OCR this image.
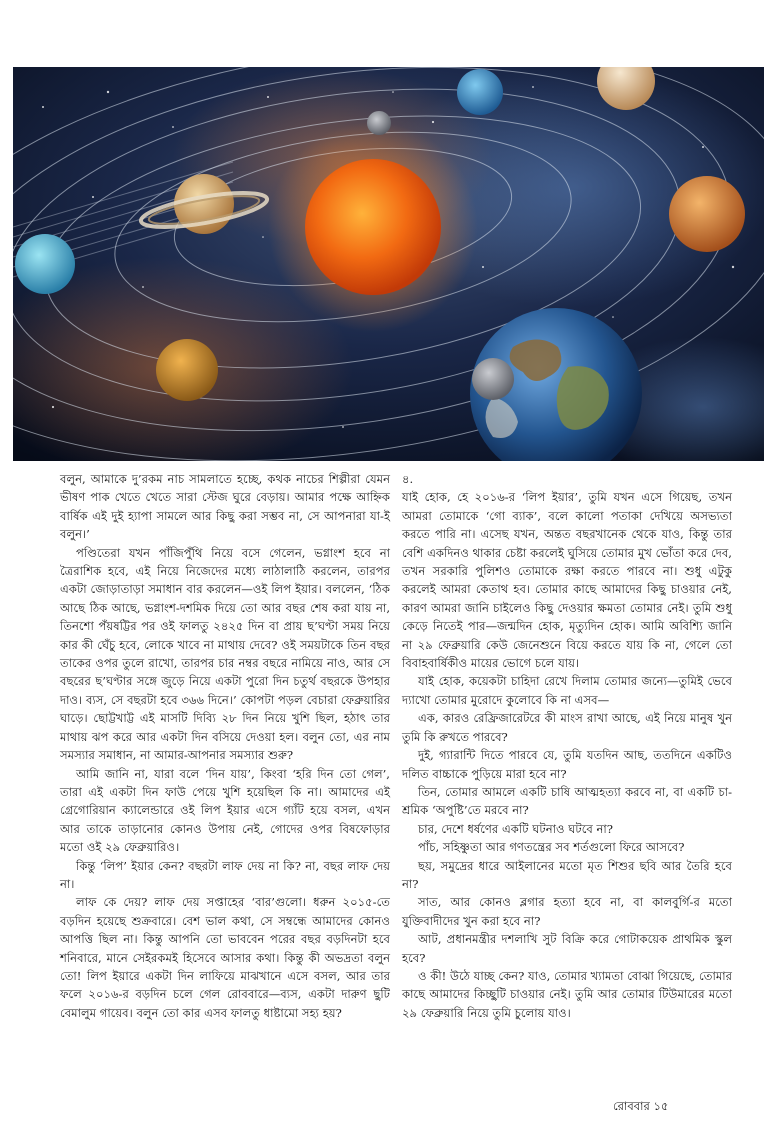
বলুন, আমাকে দু’রকম নাচ সামলাতে হচ্ছে, কথক নাচের শিল্পীরা যেমন ভীষণ পাক খেতে খেতে সারা স্টেজ ঘুরে বেড়ায়। আমার পক্ষে আহ্নিক বার্ষিক এই দুই হ্যাপা সামলে আর কিছু করা সম্ভব না, সে আপনারা যা-ই বলুন।’

পণ্ডিতেরা যখন পাঁজিপুঁথি নিয়ে বসে গেলেন, ভগ্নাংশ হবে না ত্রৈরাশিক হবে, এই নিয়ে নিজেদের মধ্যে লাঠালাঠি করলেন, তারপর একটা জোড়াতাড়া সমাধান বার করলেন—ওই লিপ ইয়ার। বললেন, ‘ঠিক আছে ঠিক আছে, ভগ্নাংশ-দশমিক দিয়ে তো আর বছর শেষ করা যায় না, তিনশো পঁয়ষট্টির পর ওই ফালতু ২৪২৫ দিন বা প্রায় ছ’ঘণ্টা সময় নিয়ে কার কী ঘেঁচু হবে, লোকে খাবে না মাথায় দেবে? ওই সময়টাকে তিন বছর তাকের ওপর তুলে রাখো, তারপর চার নম্বর বছরে নামিয়ে নাও, আর সে বছরের ছ’ঘণ্টার সঙ্গে জুড়ে নিয়ে একটা পুরো দিন চতুর্থ বছরকে উপহার দাও। ব্যস, সে বছরটা হবে ৩৬৬ দিনে।’ কোপটা পড়ল বেচারা ফেব্রুয়ারির ঘাড়ে। ছোট্টখাট্ট এই মাসটি দিব্যি ২৮ দিন নিয়ে খুশি ছিল, হঠাৎ তার মাথায় ঝপ করে আর একটা দিন বসিয়ে দেওয়া হল। বলুন তো, এর নাম সমস্যার সমাধান, না আমার-আপনার সমস্যার শুরু?

আমি জানি না, যারা বলে ‘দিন যায়’, কিংবা ‘হরি দিন তো গেল’, তারা এই একটা দিন ফাউ পেয়ে খুশি হয়েছিল কি না। আমাদের এই গ্রেগোরিয়ান ক্যালেন্ডারে ওই লিপ ইয়ার এসে গ্যাঁট হয়ে বসল, এখন আর তাকে তাড়ানোর কোনও উপায় নেই, গোদের ওপর বিষফোড়ার মতো ওই ২৯ ফেব্রুয়ারিও।

কিন্তু ‘লিপ’ ইয়ার কেন? বছরটা লাফ দেয় না কি? না, বছর লাফ দেয় না।

লাফ কে দেয়? লাফ দেয় সপ্তাহের ‘বার’গুলো। ধরুন ২০১৫-তে বড়দিন হয়েছে শুক্রবারে। বেশ ভাল কথা, সে সম্বন্ধে আমাদের কোনও আপত্তি ছিল না। কিন্তু আপনি তো ভাববেন পরের বছর বড়দিনটা হবে শনিবারে, মানে সেইরকমই হিসেবে আসার কথা। কিন্তু কী অভদ্রতা বলুন তো! লিপ ইয়ারে একটা দিন লাফিয়ে মাঝখানে এসে বসল, আর তার ফলে ২০১৬-র বড়দিন চলে গেল রোববারে—ব্যস, একটা দারুণ ছুটি বেমালুম গায়েব। বলুন তো কার এসব ফালতু ধাষ্টামো সহ্য হয়?

৪.

যাই হোক, হে ২০১৬-র ‘লিপ ইয়ার’, তুমি যখন এসে গিয়েছ, তখন আমরা তোমাকে ‘গো ব্যাক’, বলে কালো পতাকা দেখিয়ে অসভ্যতা করতে পারি না। এসেছ যখন, অন্তত বছরখানেক থেকে যাও, কিন্তু তার বেশি একদিনও থাকার চেষ্টা করলেই ঘুসিয়ে তোমার মুখ ভোঁতা করে দেব, তখন সরকারি পুলিশও তোমাকে রক্ষা করতে পারবে না। শুধু এটুকু করলেই আমরা কেতাথ হব। তোমার কাছে আমাদের কিছু চাওয়ার নেই, কারণ আমরা জানি চাইলেও কিছু দেওয়ার ক্ষমতা তোমার নেই। তুমি শুধু কেড়ে নিতেই পার—জন্মদিন হোক, মৃত্যুদিন হোক। আমি অবিশ্যি জানি না ২৯ ফেব্রুয়ারি কেউ জেনেশুনে বিয়ে করতে যায় কি না, গেলে তো বিবাহবার্ষিকীও মায়ের ভোগে চলে যায়।

যাই হোক, কয়েকটা চাহিদা রেখে দিলাম তোমার জন্যে—তুমিই ভেবে দ্যাখো তোমার মুরোদে কুলোবে কি না এসব—

এক, কারও রেফ্রিজারেটরে কী মাংস রাখা আছে, এই নিয়ে মানুষ খুন তুমি কি রুখতে পারবে?

দুই, গ্যারান্টি দিতে পারবে যে, তুমি যতদিন আছ, ততদিনে একটিও দলিত বাচ্চাকে পুড়িয়ে মারা হবে না?

তিন, তোমার আমলে একটি চাষি আত্মহত্যা করবে না, বা একটি চা-শ্রমিক ‘অপুষ্টি’তে মরবে না?

চার, দেশে ধর্ষণের একটি ঘটনাও ঘটবে না?

পাঁচ, সহিষ্ণুতা আর গণতন্ত্রের সব শর্তগুলো ফিরে আসবে?

ছয়, সমুদ্রের ধারে আইলানের মতো মৃত শিশুর ছবি আর তৈরি হবে না?

সাত, আর কোনও ব্লগার হত্যা হবে না, বা কালবুর্গি-র মতো যুক্তিবাদীদের খুন করা হবে না?

আট, প্রধানমন্ত্রীর দশলাখি সুট বিক্রি করে গোটাকয়েক প্রাথমিক স্কুল হবে?

ও কী! উঠে যাচ্ছ কেন? যাও, তোমার খ্যামতা বোঝা গিয়েছে, তোমার কাছে আমাদের কিচ্ছুটি চাওয়ার নেই। তুমি আর তোমার টিউমারের মতো ২৯ ফেব্রুয়ারি নিয়ে তুমি চুলোয় যাও।

রোববার ১৫
